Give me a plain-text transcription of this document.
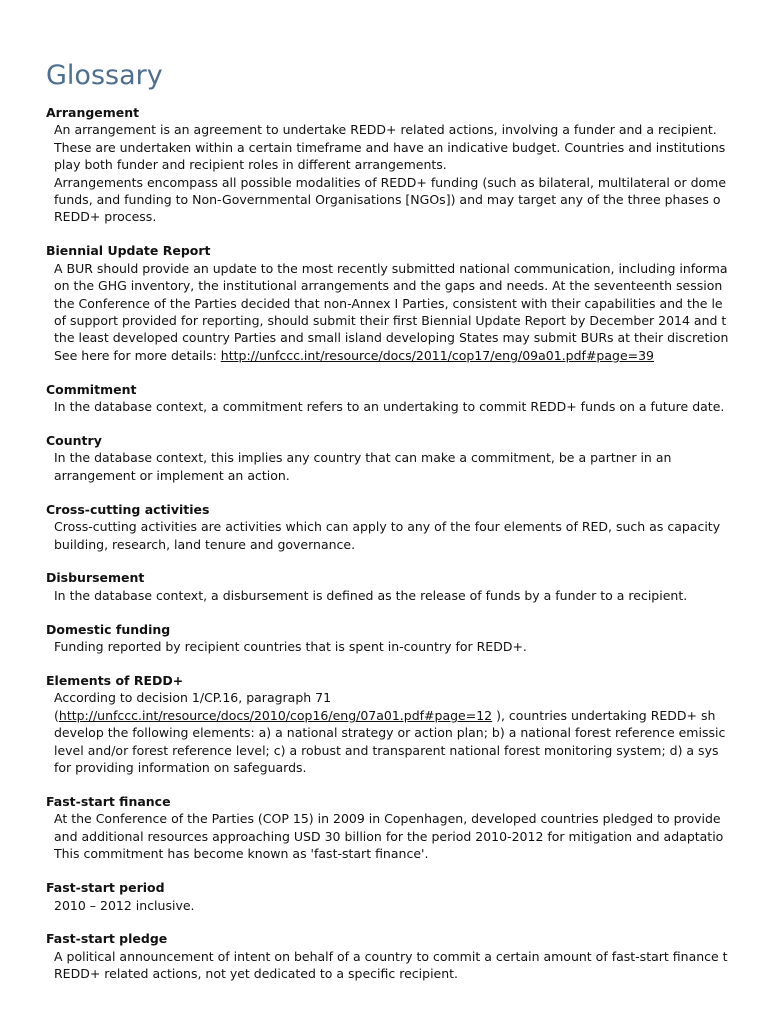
Glossary
Arrangement
An arrangement is an agreement to undertake REDD+ related actions, involving a funder and a recipient.
These are undertaken within a certain timeframe and have an indicative budget. Countries and institutions
play both funder and recipient roles in different arrangements.
Arrangements encompass all possible modalities of REDD+ funding (such as bilateral, multilateral or dome
funds, and funding to Non-Governmental Organisations [NGOs]) and may target any of the three phases o
REDD+ process.
Biennial Update Report
A BUR should provide an update to the most recently submitted national communication, including informa
on the GHG inventory, the institutional arrangements and the gaps and needs. At the seventeenth session
the Conference of the Parties decided that non-Annex I Parties, consistent with their capabilities and the le
of support provided for reporting, should submit their first Biennial Update Report by December 2014 and t
the least developed country Parties and small island developing States may submit BURs at their discretion
See here for more details: http://unfccc.int/resource/docs/2011/cop17/eng/09a01.pdf#page=39
Commitment
In the database context, a commitment refers to an undertaking to commit REDD+ funds on a future date.
Country
In the database context, this implies any country that can make a commitment, be a partner in an
arrangement or implement an action.
Cross-cutting activities
Cross-cutting activities are activities which can apply to any of the four elements of RED, such as capacity
building, research, land tenure and governance.
Disbursement
In the database context, a disbursement is defined as the release of funds by a funder to a recipient.
Domestic funding
Funding reported by recipient countries that is spent in-country for REDD+.
Elements of REDD+
According to decision 1/CP.16, paragraph 71
(http://unfccc.int/resource/docs/2010/cop16/eng/07a01.pdf#page=12 ), countries undertaking REDD+ sh
develop the following elements: a) a national strategy or action plan; b) a national forest reference emissic
level and/or forest reference level; c) a robust and transparent national forest monitoring system; d) a sys
for providing information on safeguards.
Fast-start finance
At the Conference of the Parties (COP 15) in 2009 in Copenhagen, developed countries pledged to provide
and additional resources approaching USD 30 billion for the period 2010-2012 for mitigation and adaptatio
This commitment has become known as 'fast-start finance'.
Fast-start period
2010 – 2012 inclusive.
Fast-start pledge
A political announcement of intent on behalf of a country to commit a certain amount of fast-start finance t
REDD+ related actions, not yet dedicated to a specific recipient.
